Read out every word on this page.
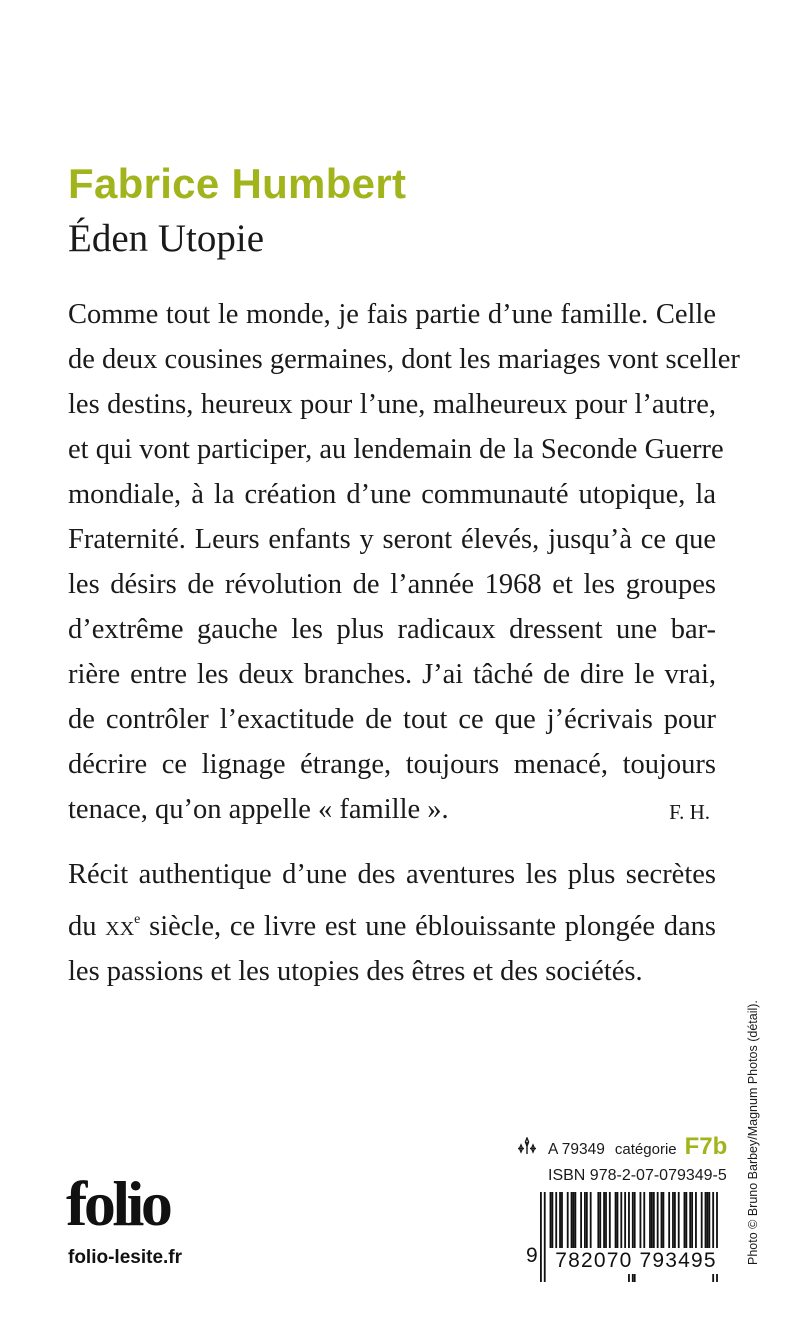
Fabrice Humbert
Éden Utopie
Comme tout le monde, je fais partie d’une famille. Celle
de deux cousines germaines, dont les mariages vont sceller
les destins, heureux pour l’une, malheureux pour l’autre,
et qui vont participer, au lendemain de la Seconde Guerre
mondiale, à la création d’une communauté utopique, la
Fraternité. Leurs enfants y seront élevés, jusqu’à ce que
les désirs de révolution de l’année 1968 et les groupes
d’extrême gauche les plus radicaux dressent une bar-
rière entre les deux branches. J’ai tâché de dire le vrai,
de contrôler l’exactitude de tout ce que j’écrivais pour
décrire ce lignage étrange, toujours menacé, toujours
tenace, qu’on appelle « famille ».	F. H.
Récit authentique d’une des aventures les plus secrètes
du $xx^e$ siècle, ce livre est une éblouissante plongée dans
les passions et les utopies des êtres et des sociétés.
Photo © Bruno Barbey/Magnum Photos (détail).
folio
folio-lesite.fr
A 79349 catégorie F7b
ISBN 978-2-07-079349-5
9 782070 793495
